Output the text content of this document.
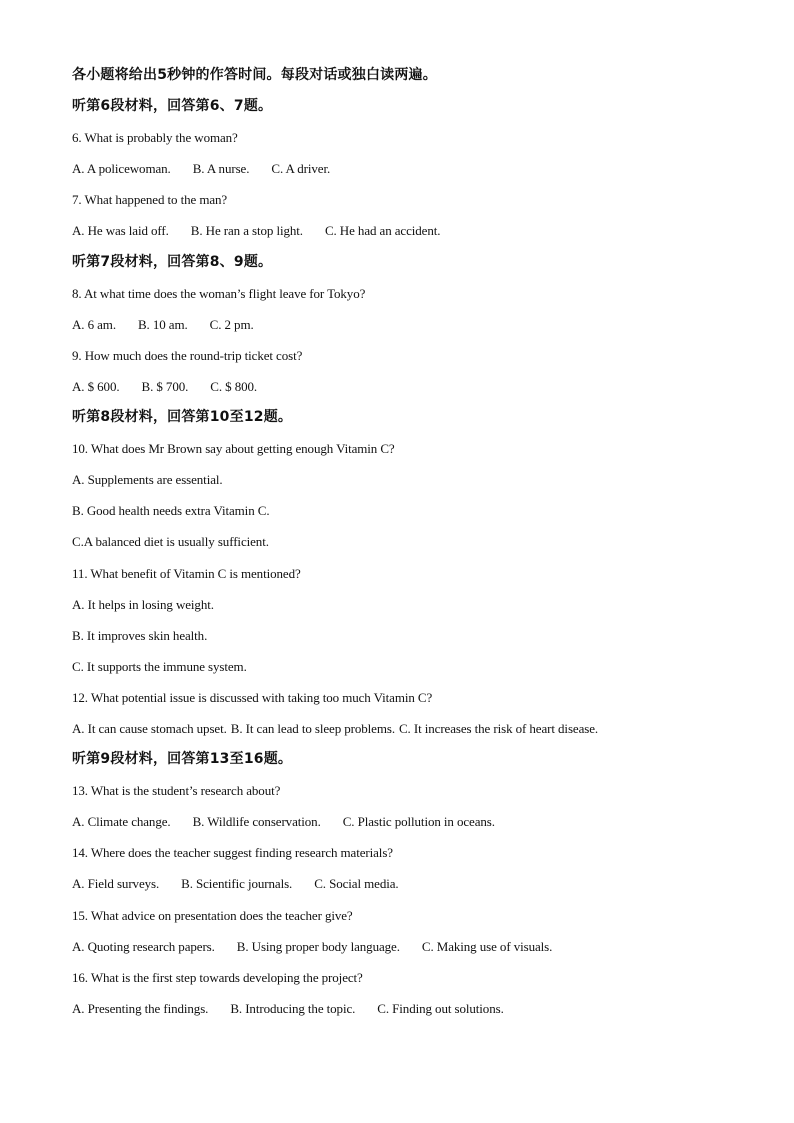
各小题将给出5秒钟的作答时间。每段对话或独白读两遍。
听第6段材料，回答第6、7题。
6. What is probably the woman?
A. A policewoman. B. A nurse. C. A driver.
7. What happened to the man?
A. He was laid off. B. He ran a stop light. C. He had an accident.
听第7段材料，回答第8、9题。
8. At what time does the woman’s flight leave for Tokyo?
A. 6 am. B. 10 am. C. 2 pm.
9. How much does the round-trip ticket cost?
A. $ 600. B. $ 700. C. $ 800.
听第8段材料，回答第10至12题。
10. What does Mr Brown say about getting enough Vitamin C?
A. Supplements are essential.
B. Good health needs extra Vitamin C.
C.A balanced diet is usually sufficient.
11. What benefit of Vitamin C is mentioned?
A. It helps in losing weight.
B. It improves skin health.
C. It supports the immune system.
12. What potential issue is discussed with taking too much Vitamin C?
A. It can cause stomach upset. B. It can lead to sleep problems. C. It increases the risk of heart disease.
听第9段材料，回答第13至16题。
13. What is the student’s research about?
A. Climate change. B. Wildlife conservation. C. Plastic pollution in oceans.
14. Where does the teacher suggest finding research materials?
A. Field surveys. B. Scientific journals. C. Social media.
15. What advice on presentation does the teacher give?
A. Quoting research papers. B. Using proper body language. C. Making use of visuals.
16. What is the first step towards developing the project?
A. Presenting the findings. B. Introducing the topic. C. Finding out solutions.
